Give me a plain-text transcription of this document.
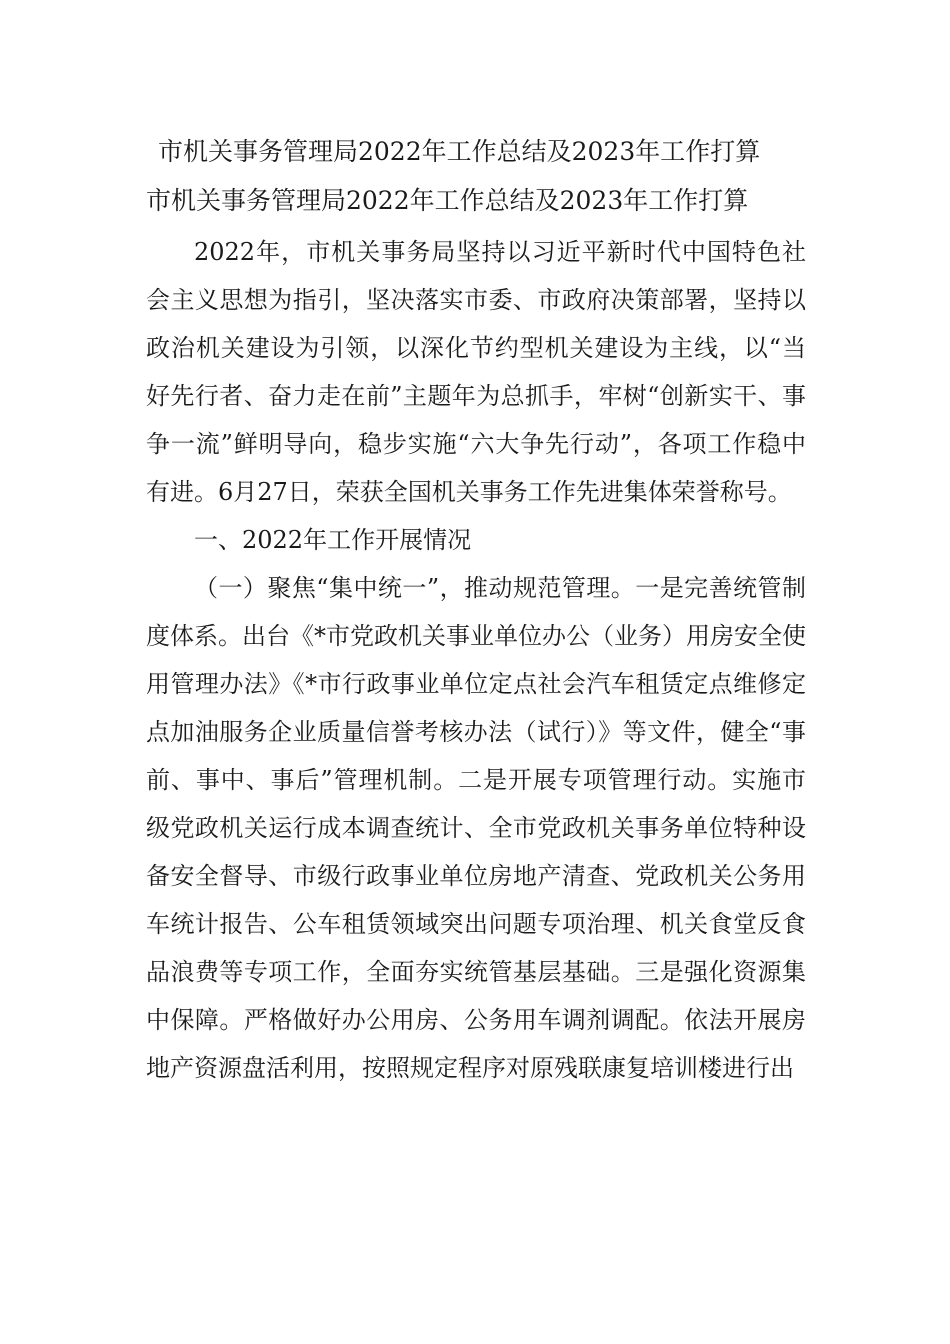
市机关事务管理局2022年工作总结及2023年工作打算
市机关事务管理局2022年工作总结及2023年工作打算

2022年，市机关事务局坚持以习近平新时代中国特色社会主义思想为指引，坚决落实市委、市政府决策部署，坚持以政治机关建设为引领，以深化节约型机关建设为主线，以“当好先行者、奋力走在前”主题年为总抓手，牢树“创新实干、事争一流”鲜明导向，稳步实施“六大争先行动”，各项工作稳中有进。6月27日，荣获全国机关事务工作先进集体荣誉称号。

一、2022年工作开展情况

（一）聚焦“集中统一”，推动规范管理。一是完善统管制度体系。出台《*市党政机关事业单位办公（业务）用房安全使用管理办法》《*市行政事业单位定点社会汽车租赁定点维修定点加油服务企业质量信誉考核办法（试行）》等文件，健全“事前、事中、事后”管理机制。二是开展专项管理行动。实施市级党政机关运行成本调查统计、全市党政机关事务单位特种设备安全督导、市级行政事业单位房地产清查、党政机关公务用车统计报告、公车租赁领域突出问题专项治理、机关食堂反食品浪费等专项工作，全面夯实统管基层基础。三是强化资源集中保障。严格做好办公用房、公务用车调剂调配。依法开展房地产资源盘活利用，按照规定程序对原残联康复培训楼进行出
